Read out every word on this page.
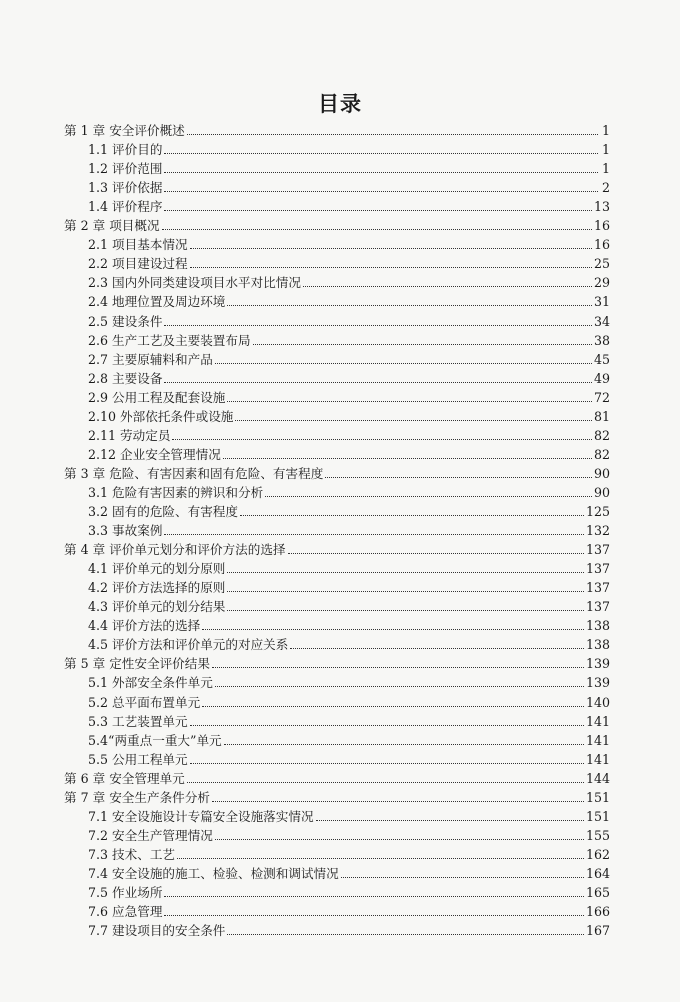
目录
第 1 章 安全评价概述	1
1.1 评价目的	1
1.2 评价范围	1
1.3 评价依据	2
1.4 评价程序	13
第 2 章 项目概况	16
2.1 项目基本情况	16
2.2 项目建设过程	25
2.3 国内外同类建设项目水平对比情况	29
2.4 地理位置及周边环境	31
2.5 建设条件	34
2.6 生产工艺及主要装置布局	38
2.7 主要原辅料和产品	45
2.8 主要设备	49
2.9 公用工程及配套设施	72
2.10 外部依托条件或设施	81
2.11 劳动定员	82
2.12 企业安全管理情况	82
第 3 章 危险、有害因素和固有危险、有害程度	90
3.1 危险有害因素的辨识和分析	90
3.2 固有的危险、有害程度	125
3.3 事故案例	132
第 4 章 评价单元划分和评价方法的选择	137
4.1 评价单元的划分原则	137
4.2 评价方法选择的原则	137
4.3 评价单元的划分结果	137
4.4 评价方法的选择	138
4.5 评价方法和评价单元的对应关系	138
第 5 章 定性安全评价结果	139
5.1 外部安全条件单元	139
5.2 总平面布置单元	140
5.3 工艺装置单元	141
5.4“两重点一重大”单元	141
5.5 公用工程单元	141
第 6 章 安全管理单元	144
第 7 章 安全生产条件分析	151
7.1 安全设施设计专篇安全设施落实情况	151
7.2 安全生产管理情况	155
7.3 技术、工艺	162
7.4 安全设施的施工、检验、检测和调试情况	164
7.5 作业场所	165
7.6 应急管理	166
7.7 建设项目的安全条件	167
